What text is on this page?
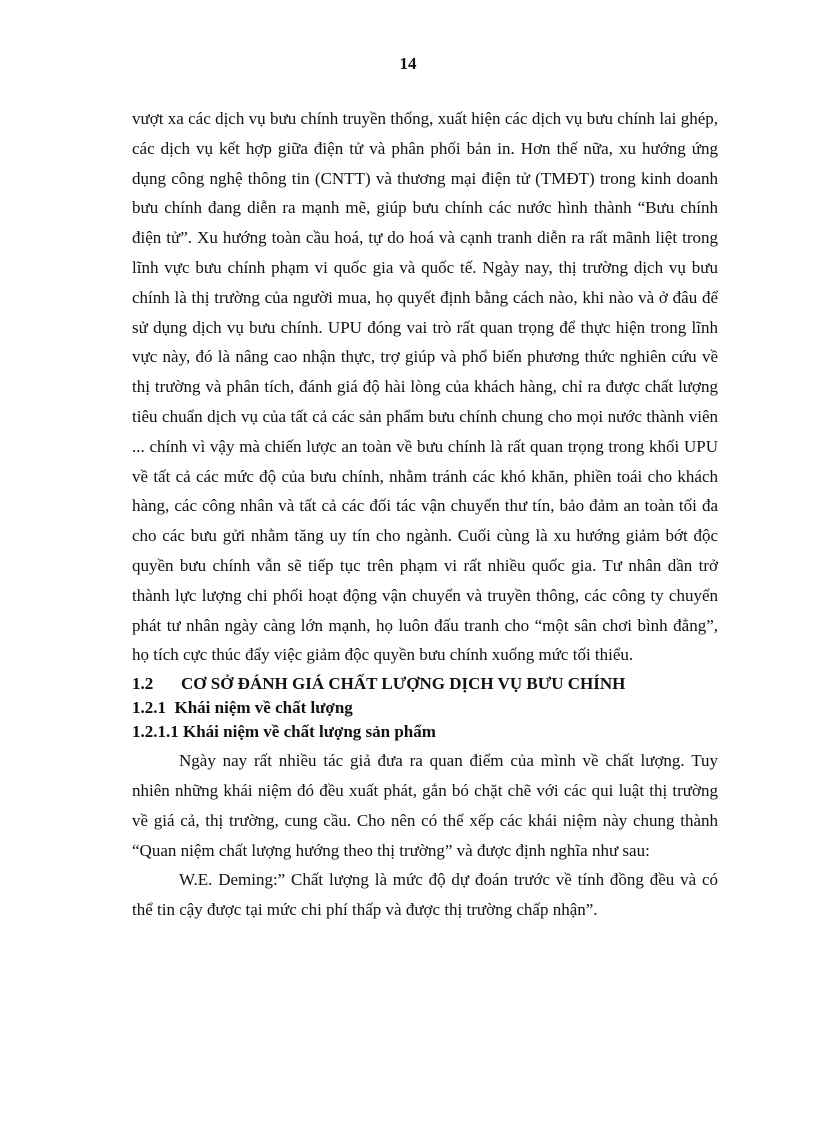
14

vượt xa các dịch vụ bưu chính truyền thống, xuất hiện các dịch vụ bưu chính lai ghép, các dịch vụ kết hợp giữa điện tử và phân phối bản in. Hơn thế nữa, xu hướng ứng dụng công nghệ thông tin (CNTT) và thương mại điện tử (TMĐT) trong kinh doanh bưu chính đang diễn ra mạnh mẽ, giúp bưu chính các nước hình thành “Bưu chính điện tử”. Xu hướng toàn cầu hoá, tự do hoá và cạnh tranh diễn ra rất mãnh liệt trong lĩnh vực bưu chính phạm vi quốc gia và quốc tế. Ngày nay, thị trường dịch vụ bưu chính là thị trường của người mua, họ quyết định bằng cách nào, khi nào và ở đâu để sử dụng dịch vụ bưu chính. UPU đóng vai trò rất quan trọng để thực hiện trong lĩnh vực này, đó là nâng cao nhận thực, trợ giúp và phổ biến phương thức nghiên cứu về thị trường và phân tích, đánh giá độ hài lòng của khách hàng, chỉ ra được chất lượng tiêu chuẩn dịch vụ của tất cả các sản phẩm bưu chính chung cho mọi nước thành viên ... chính vì vậy mà chiến lược an toàn về bưu chính là rất quan trọng trong khối UPU về tất cả các mức độ của bưu chính, nhằm tránh các khó khăn, phiền toái cho khách hàng, các công nhân và tất cả các đối tác vận chuyển thư tín, bảo đảm an toàn tối đa cho các bưu gửi nhằm tăng uy tín cho ngành. Cuối cùng là xu hướng giảm bớt độc quyền bưu chính vẫn sẽ tiếp tục trên phạm vi rất nhiều quốc gia. Tư nhân dần trở thành lực lượng chi phối hoạt động vận chuyển và truyền thông, các công ty chuyển phát tư nhân ngày càng lớn mạnh, họ luôn đấu tranh cho “một sân chơi bình đẳng”, họ tích cực thúc đẩy việc giảm độc quyền bưu chính xuống mức tối thiểu.

1.2 CƠ SỞ ĐÁNH GIÁ CHẤT LƯỢNG DỊCH VỤ BƯU CHÍNH
1.2.1  Khái niệm về chất lượng
1.2.1.1 Khái niệm về chất lượng sản phẩm

Ngày nay rất nhiều tác giả đưa ra quan điểm của mình về chất lượng. Tuy nhiên những khái niệm đó đều xuất phát, gắn bó chặt chẽ với các qui luật thị trường về giá cả, thị trường, cung cầu. Cho nên có thể xếp các khái niệm này chung thành “Quan niệm chất lượng hướng theo thị trường” và được định nghĩa như sau:

W.E. Deming:” Chất lượng là mức độ dự đoán trước về tính đồng đều và có thể tin cậy được tại mức chi phí thấp và được thị trường chấp nhận”.
